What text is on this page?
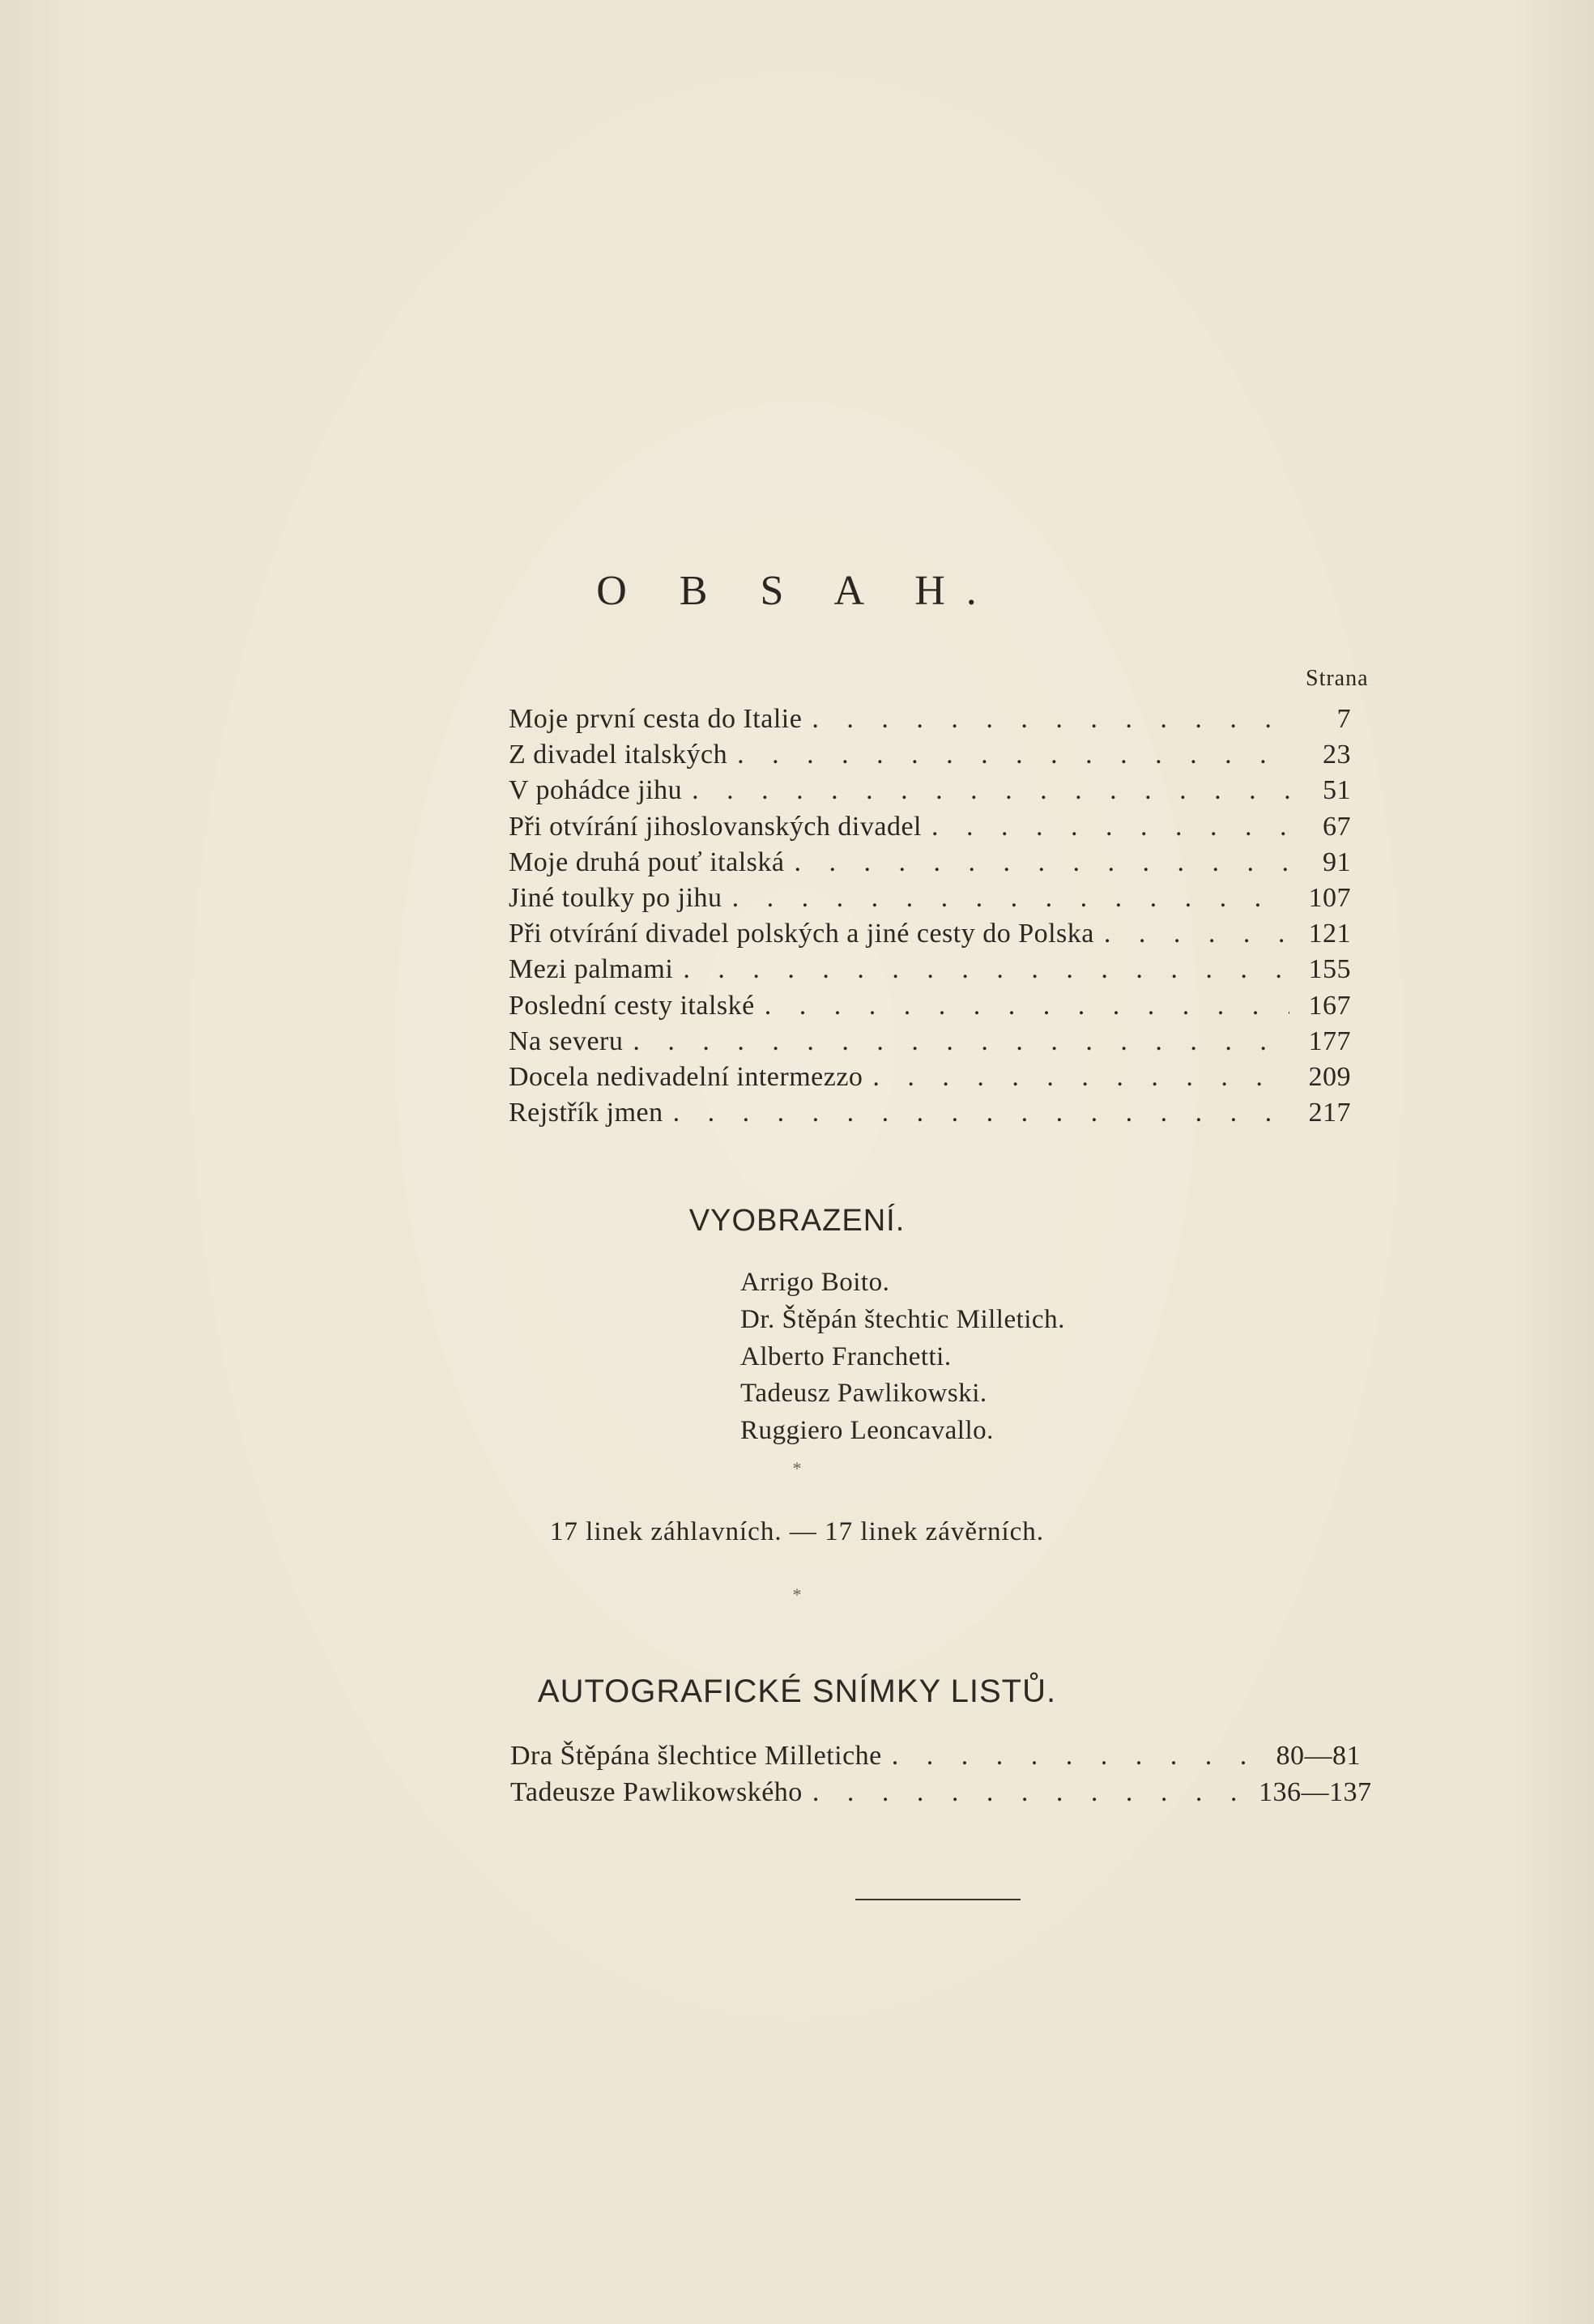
O B S A H.
Strana
Moje první cesta do Italie . . .	7
Z divadel italských . . .	23
V pohádce jihu . . .	51
Při otvírání jihoslovanských divadel . . .	67
Moje druhá pouť italská . . .	91
Jiné toulky po jihu . . .	107
Při otvírání divadel polských a jiné cesty do Polska . . .	121
Mezi palmami . . .	155
Poslední cesty italské . . .	167
Na severu . . .	177
Docela nedivadelní intermezzo . . .	209
Rejstřík jmen . . .	217
VYOBRAZENÍ.
Arrigo Boito.
Dr. Štěpán štechtic Milletich.
Alberto Franchetti.
Tadeusz Pawlikowski.
Ruggiero Leoncavallo.
*
17 linek záhlavních. — 17 linek závěrních.
*
AUTOGRAFICKÉ SNÍMKY LISTŮ.
Dra Štěpána šlechtice Milletiche . . .	80—81
Tadeusze Pawlikowského . . .	136—137
